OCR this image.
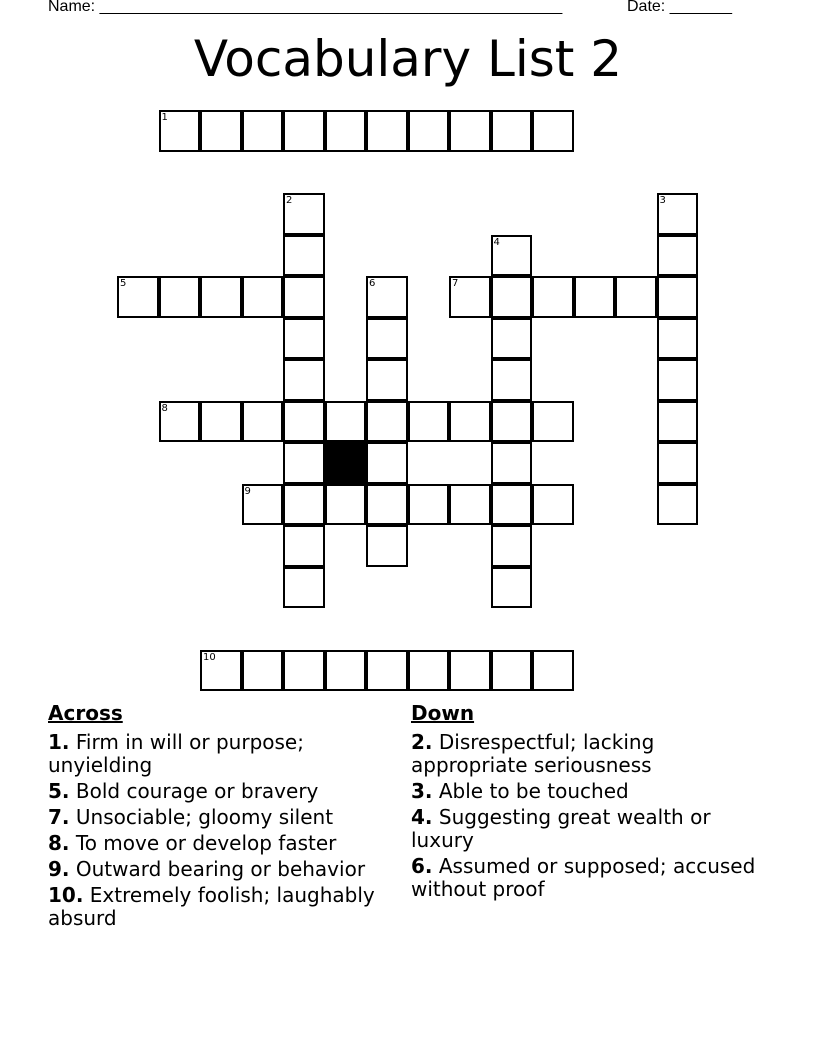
Name: ____________________________________________________	Date: _______
Vocabulary List 2
1
2	3
4
5	6	7
8
9
10
Across
1. Firm in will or purpose; unyielding
5. Bold courage or bravery
7. Unsociable; gloomy silent
8. To move or develop faster
9. Outward bearing or behavior
10. Extremely foolish; laughably absurd
Down
2. Disrespectful; lacking appropriate seriousness
3. Able to be touched
4. Suggesting great wealth or luxury
6. Assumed or supposed; accused without proof
